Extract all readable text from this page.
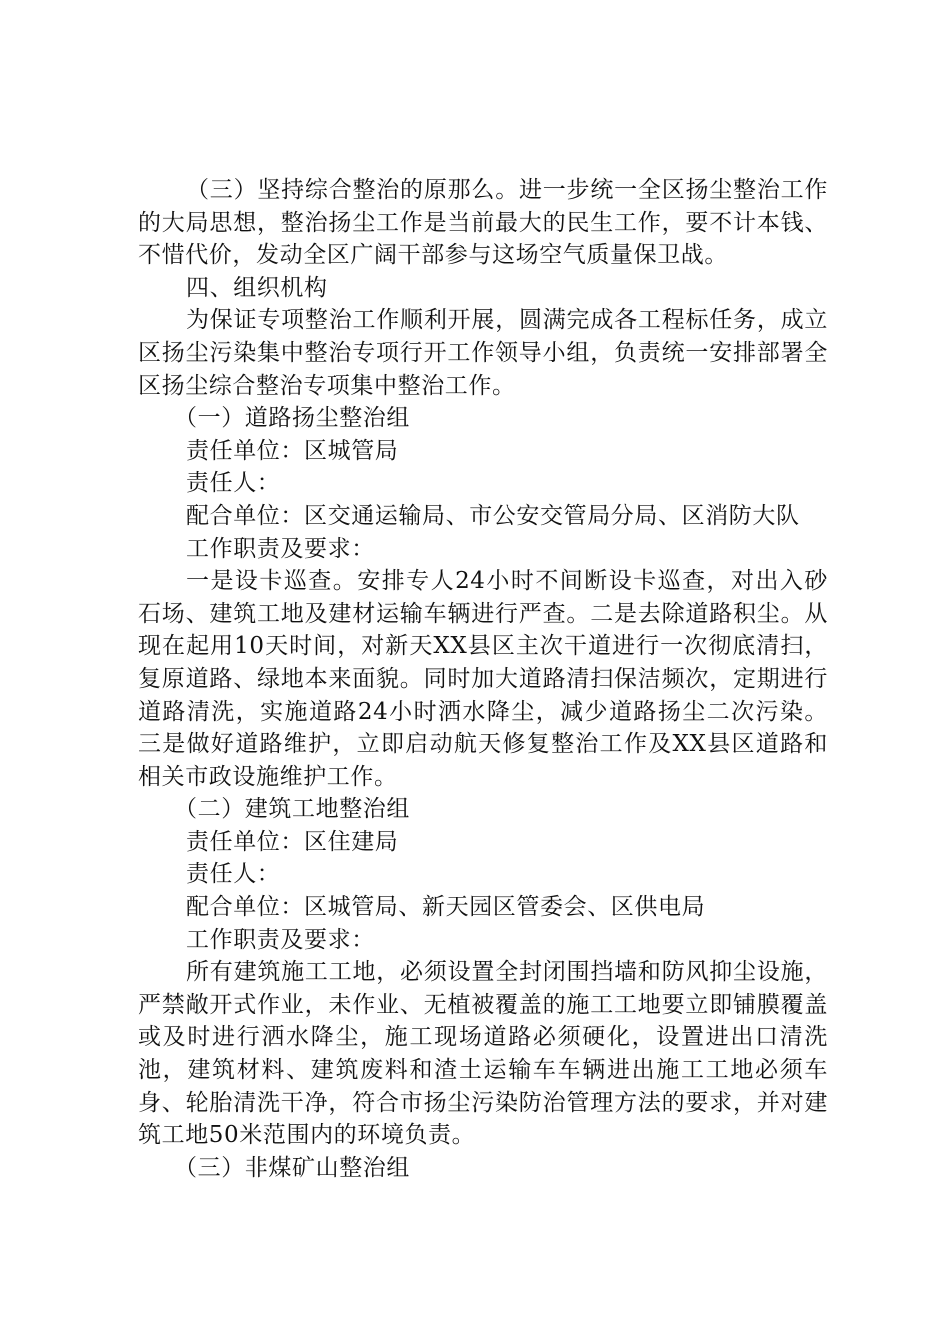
（三）坚持综合整治的原那么。进一步统一全区扬尘整治工作的大局思想，整治扬尘工作是当前最大的民生工作，要不计本钱、不惜代价，发动全区广阔干部参与这场空气质量保卫战。

四、组织机构

为保证专项整治工作顺利开展，圆满完成各工程标任务，成立区扬尘污染集中整治专项行开工作领导小组，负责统一安排部署全区扬尘综合整治专项集中整治工作。

（一）道路扬尘整治组

责任单位：区城管局

责任人：

配合单位：区交通运输局、市公安交管局分局、区消防大队

工作职责及要求：

一是设卡巡查。安排专人24小时不间断设卡巡查，对出入砂石场、建筑工地及建材运输车辆进行严查。二是去除道路积尘。从现在起用10天时间，对新天XX县区主次干道进行一次彻底清扫，复原道路、绿地本来面貌。同时加大道路清扫保洁频次，定期进行道路清洗，实施道路24小时洒水降尘，减少道路扬尘二次污染。三是做好道路维护，立即启动航天修复整治工作及XX县区道路和相关市政设施维护工作。

（二）建筑工地整治组

责任单位：区住建局

责任人：

配合单位：区城管局、新天园区管委会、区供电局

工作职责及要求：

所有建筑施工工地，必须设置全封闭围挡墙和防风抑尘设施，严禁敞开式作业，未作业、无植被覆盖的施工工地要立即铺膜覆盖或及时进行洒水降尘，施工现场道路必须硬化，设置进出口清洗池，建筑材料、建筑废料和渣土运输车车辆进出施工工地必须车身、轮胎清洗干净，符合市扬尘污染防治管理方法的要求，并对建筑工地50米范围内的环境负责。

（三）非煤矿山整治组
